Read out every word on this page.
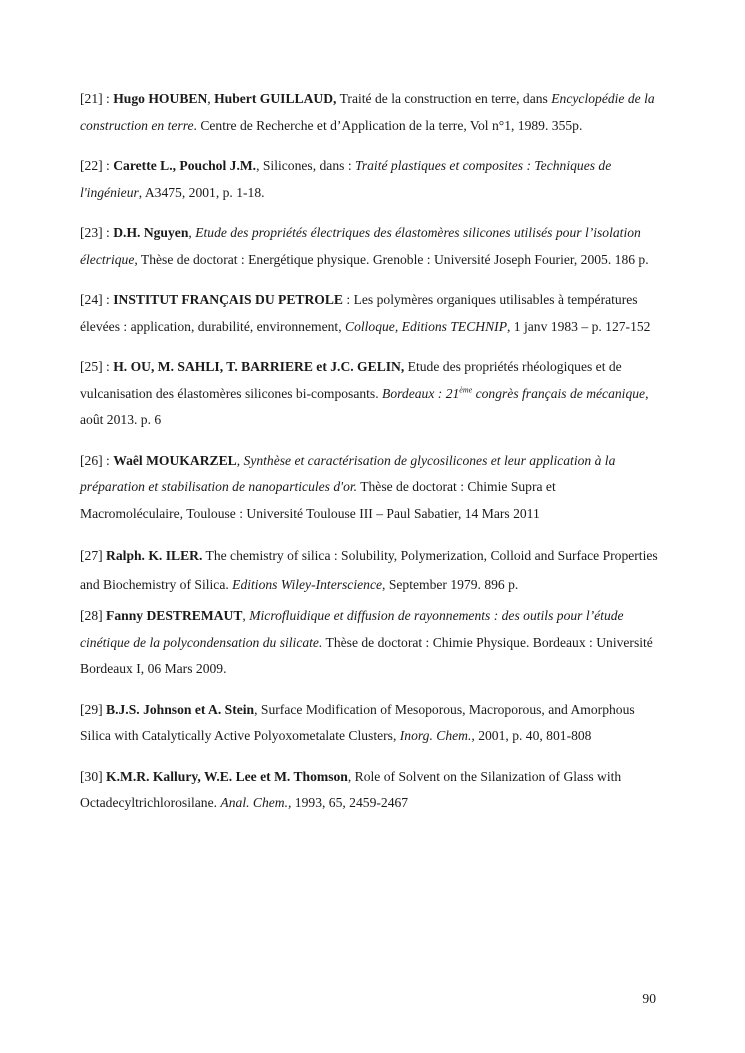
[21] : Hugo HOUBEN, Hubert GUILLAUD, Traité de la construction en terre, dans Encyclopédie de la construction en terre. Centre de Recherche et d’Application de la terre, Vol n°1, 1989. 355p.

[22] : Carette L., Pouchol J.M., Silicones, dans : Traité plastiques et composites : Techniques de l'ingénieur, A3475, 2001, p. 1-18.

[23] : D.H. Nguyen, Etude des propriétés électriques des élastomères silicones utilisés pour l’isolation électrique, Thèse de doctorat : Energétique physique. Grenoble : Université Joseph Fourier, 2005. 186 p.

[24] : INSTITUT FRANÇAIS DU PETROLE : Les polymères organiques utilisables à températures élevées : application, durabilité, environnement, Colloque, Editions TECHNIP, 1 janv 1983 – p. 127-152

[25] : H. OU, M. SAHLI, T. BARRIERE et J.C. GELIN, Etude des propriétés rhéologiques et de vulcanisation des élastomères silicones bi-composants. Bordeaux : 21ème congrès français de mécanique, août 2013. p. 6

[26] : Waêl MOUKARZEL, Synthèse et caractérisation de glycosilicones et leur application à la préparation et stabilisation de nanoparticules d'or. Thèse de doctorat : Chimie Supra et Macromoléculaire, Toulouse : Université Toulouse III – Paul Sabatier, 14 Mars 2011

[27] Ralph. K. ILER. The chemistry of silica : Solubility, Polymerization, Colloid and Surface Properties and Biochemistry of Silica. Editions Wiley-Interscience, September 1979. 896 p.

[28] Fanny DESTREMAUT, Microfluidique et diffusion de rayonnements : des outils pour l’étude cinétique de la polycondensation du silicate. Thèse de doctorat : Chimie Physique. Bordeaux : Université Bordeaux I, 06 Mars 2009.

[29] B.J.S. Johnson et A. Stein, Surface Modification of Mesoporous, Macroporous, and Amorphous Silica with Catalytically Active Polyoxometalate Clusters, Inorg. Chem., 2001, p. 40, 801-808

[30] K.M.R. Kallury, W.E. Lee et M. Thomson, Role of Solvent on the Silanization of Glass with Octadecyltrichlorosilane. Anal. Chem., 1993, 65, 2459-2467

90
